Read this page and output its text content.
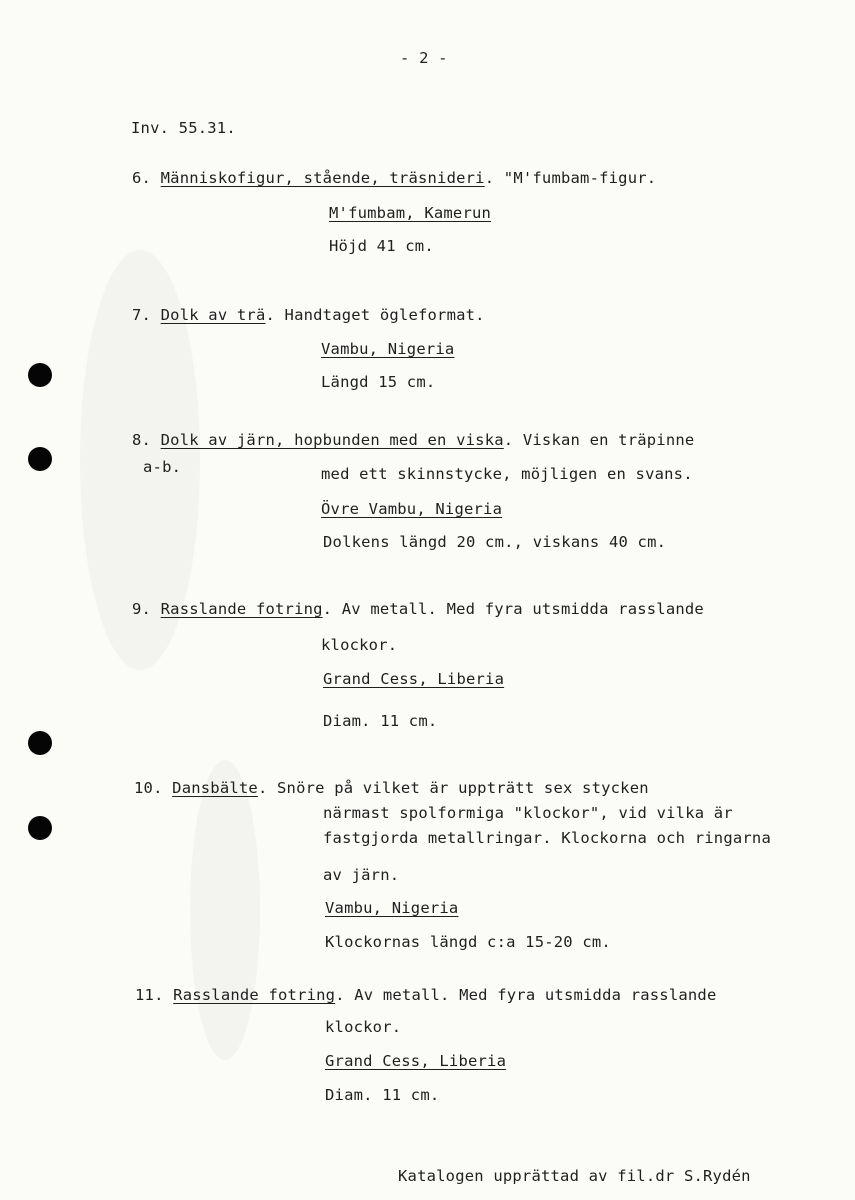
- 2 -
Inv. 55.31.
6. Människofigur, stående, träsnideri. "M'fumbam-figur.
M'fumbam, Kamerun
Höjd 41 cm.
7. Dolk av trä. Handtaget ögleformat.
Vambu, Nigeria
Längd 15 cm.
8. Dolk av järn, hopbunden med en viska. Viskan en träpinne
a-b.	med ett skinnstycke, möjligen en svans.
Övre Vambu, Nigeria
Dolkens längd 20 cm., viskans 40 cm.
9. Rasslande fotring. Av metall. Med fyra utsmidda rasslande
klockor.
Grand Cess, Liberia
Diam. 11 cm.
10. Dansbälte. Snöre på vilket är uppträtt sex stycken
närmast spolformiga "klockor", vid vilka är
fastgjorda metallringar. Klockorna och ringarna
av järn.
Vambu, Nigeria
Klockornas längd c:a 15-20 cm.
11. Rasslande fotring. Av metall. Med fyra utsmidda rasslande
klockor.
Grand Cess, Liberia
Diam. 11 cm.
Katalogen upprättad av fil.dr S.Rydén
